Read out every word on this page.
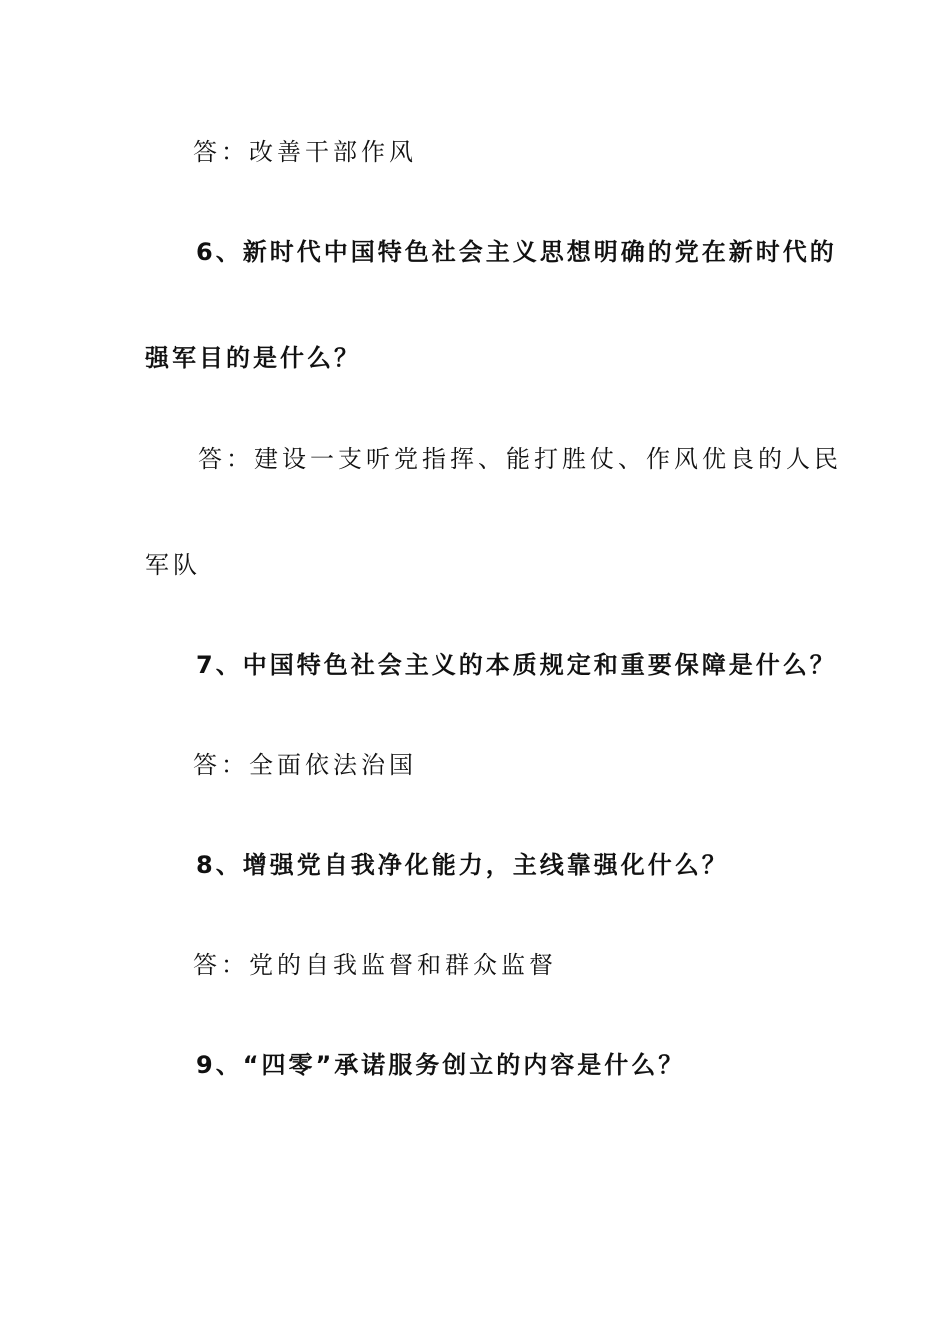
答：改善干部作风
6、新时代中国特色社会主义思想明确的党在新时代的
强军目的是什么？
答：建设一支听党指挥、能打胜仗、作风优良的人民
军队
7、中国特色社会主义的本质规定和重要保障是什么？
答：全面依法治国
8、增强党自我净化能力，主线靠强化什么？
答：党的自我监督和群众监督
9、“四零”承诺服务创立的内容是什么？
